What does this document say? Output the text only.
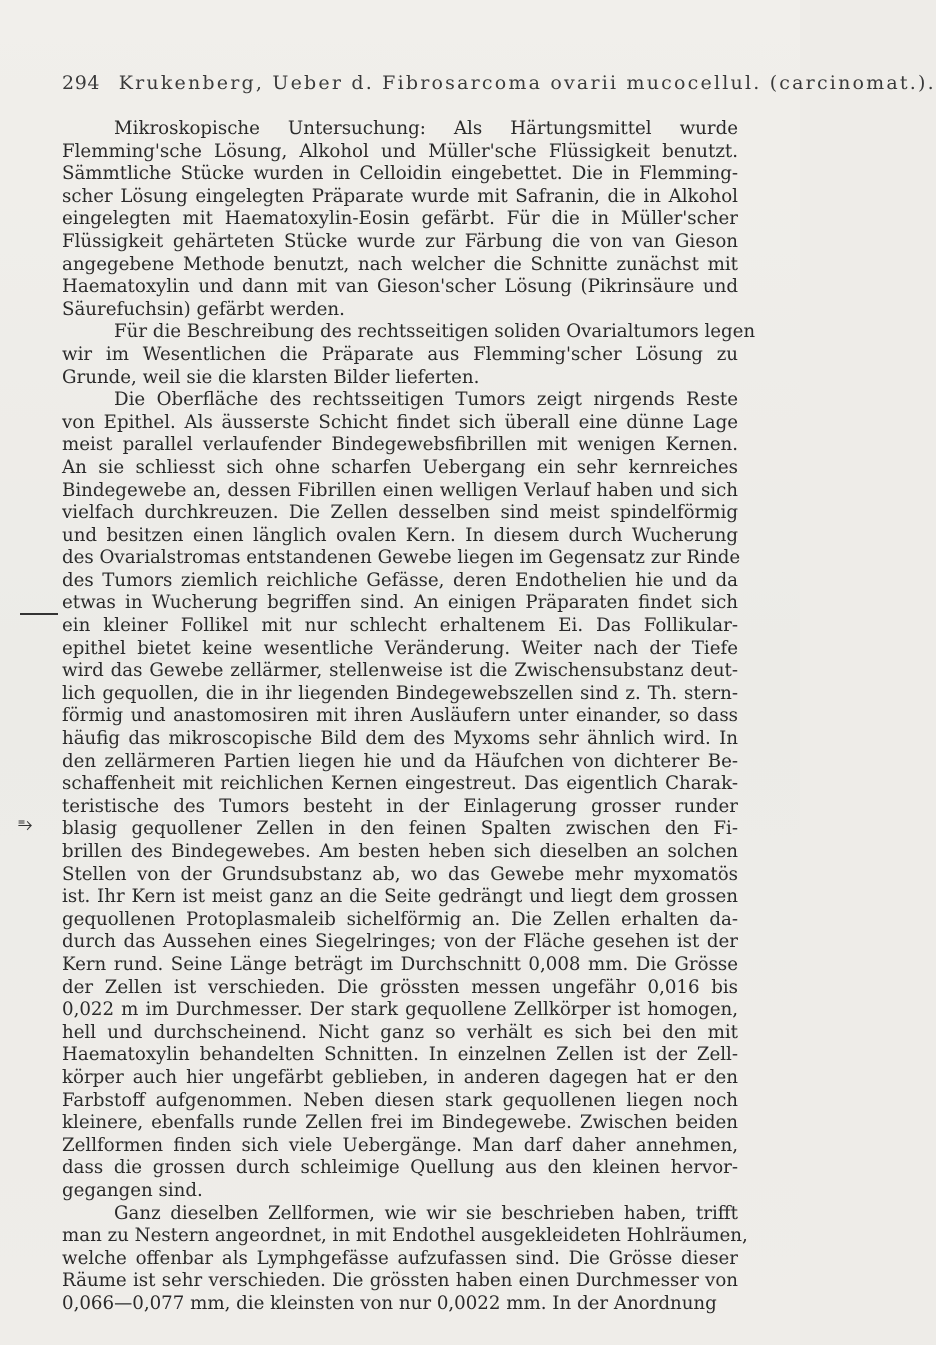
294 Krukenberg, Ueber d. Fibrosarcoma ovarii mucocellul. (carcinomat.).

Mikroskopische Untersuchung: Als Härtungsmittel wurde
Flemming'sche Lösung, Alkohol und Müller'sche Flüssigkeit benutzt.
Sämmtliche Stücke wurden in Celloidin eingebettet. Die in Flemming-
scher Lösung eingelegten Präparate wurde mit Safranin, die in Alkohol
eingelegten mit Haematoxylin-Eosin gefärbt. Für die in Müller'scher
Flüssigkeit gehärteten Stücke wurde zur Färbung die von van Gieson
angegebene Methode benutzt, nach welcher die Schnitte zunächst mit
Haematoxylin und dann mit van Gieson'scher Lösung (Pikrinsäure und
Säurefuchsin) gefärbt werden.

Für die Beschreibung des rechtsseitigen soliden Ovarialtumors legen
wir im Wesentlichen die Präparate aus Flemming'scher Lösung zu
Grunde, weil sie die klarsten Bilder lieferten.

Die Oberfläche des rechtsseitigen Tumors zeigt nirgends Reste
von Epithel. Als äusserste Schicht findet sich überall eine dünne Lage
meist parallel verlaufender Bindegewebsfibrillen mit wenigen Kernen.
An sie schliesst sich ohne scharfen Uebergang ein sehr kernreiches
Bindegewebe an, dessen Fibrillen einen welligen Verlauf haben und sich
vielfach durchkreuzen. Die Zellen desselben sind meist spindelförmig
und besitzen einen länglich ovalen Kern. In diesem durch Wucherung
des Ovarialstromas entstandenen Gewebe liegen im Gegensatz zur Rinde
des Tumors ziemlich reichliche Gefässe, deren Endothelien hie und da
etwas in Wucherung begriffen sind. An einigen Präparaten findet sich
ein kleiner Follikel mit nur schlecht erhaltenem Ei. Das Follikular-
epithel bietet keine wesentliche Veränderung. Weiter nach der Tiefe
wird das Gewebe zellärmer, stellenweise ist die Zwischensubstanz deut-
lich gequollen, die in ihr liegenden Bindegewebszellen sind z. Th. stern-
förmig und anastomosiren mit ihren Ausläufern unter einander, so dass
häufig das mikroscopische Bild dem des Myxoms sehr ähnlich wird. In
den zellärmeren Partien liegen hie und da Häufchen von dichterer Be-
schaffenheit mit reichlichen Kernen eingestreut. Das eigentlich Charak-
teristische des Tumors besteht in der Einlagerung grosser runder
blasig gequollener Zellen in den feinen Spalten zwischen den Fi-
brillen des Bindegewebes. Am besten heben sich dieselben an solchen
Stellen von der Grundsubstanz ab, wo das Gewebe mehr myxomatös
ist. Ihr Kern ist meist ganz an die Seite gedrängt und liegt dem grossen
gequollenen Protoplasmaleib sichelförmig an. Die Zellen erhalten da-
durch das Aussehen eines Siegelringes; von der Fläche gesehen ist der
Kern rund. Seine Länge beträgt im Durchschnitt 0,008 mm. Die Grösse
der Zellen ist verschieden. Die grössten messen ungefähr 0,016 bis
0,022 m im Durchmesser. Der stark gequollene Zellkörper ist homogen,
hell und durchscheinend. Nicht ganz so verhält es sich bei den mit
Haematoxylin behandelten Schnitten. In einzelnen Zellen ist der Zell-
körper auch hier ungefärbt geblieben, in anderen dagegen hat er den
Farbstoff aufgenommen. Neben diesen stark gequollenen liegen noch
kleinere, ebenfalls runde Zellen frei im Bindegewebe. Zwischen beiden
Zellformen finden sich viele Uebergänge. Man darf daher annehmen,
dass die grossen durch schleimige Quellung aus den kleinen hervor-
gegangen sind.

Ganz dieselben Zellformen, wie wir sie beschrieben haben, trifft
man zu Nestern angeordnet, in mit Endothel ausgekleideten Hohlräumen,
welche offenbar als Lymphgefässe aufzufassen sind. Die Grösse dieser
Räume ist sehr verschieden. Die grössten haben einen Durchmesser von
0,066—0,077 mm, die kleinsten von nur 0,0022 mm. In der Anordnung

⥱
